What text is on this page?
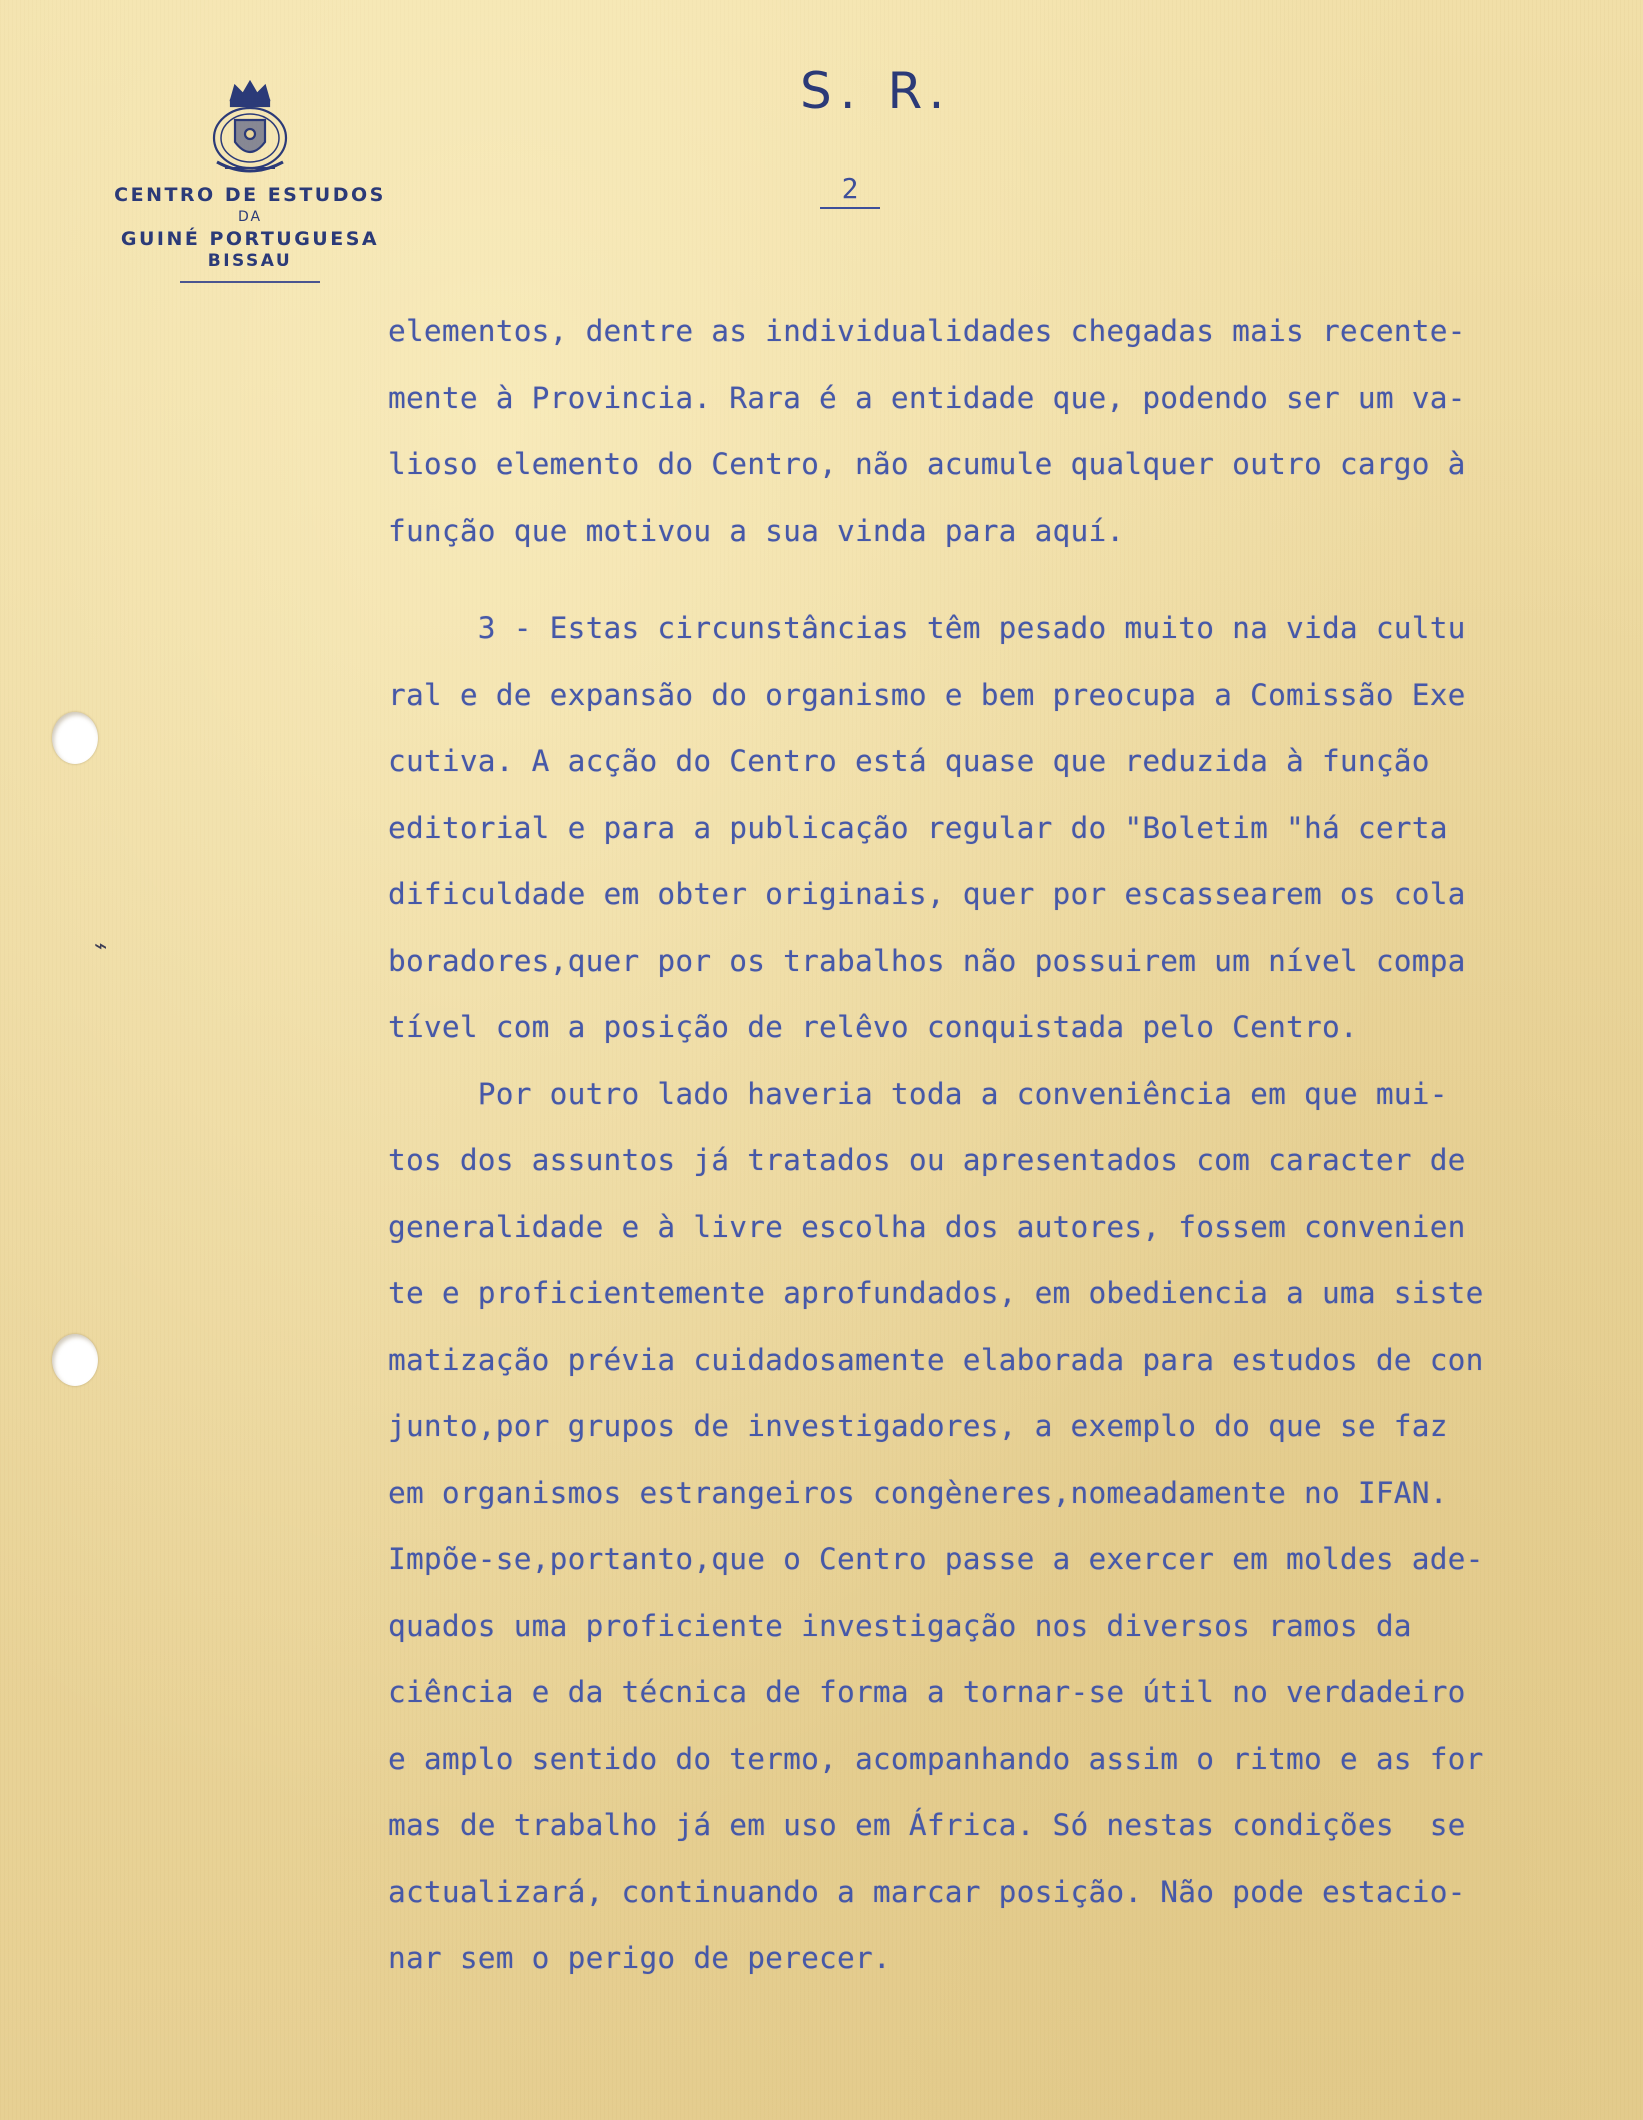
CENTRO DE ESTUDOS
DA
GUINÉ PORTUGUESA
BISSAU
S. R.
2
⌁
elementos, dentre as individualidades chegadas mais recente-
mente à Provincia. Rara é a entidade que, podendo ser um va-
lioso elemento do Centro, não acumule qualquer outro cargo à
função que motivou a sua vinda para aquí.
3 - Estas circunstâncias têm pesado muito na vida cultu
ral e de expansão do organismo e bem preocupa a Comissão Exe
cutiva. A acção do Centro está quase que reduzida à função
editorial e para a publicação regular do "Boletim "há certa
dificuldade em obter originais, quer por escassearem os cola
boradores,quer por os trabalhos não possuirem um nível compa
tível com a posição de relêvo conquistada pelo Centro.
Por outro lado haveria toda a conveniência em que mui-
tos dos assuntos já tratados ou apresentados com caracter de
generalidade e à livre escolha dos autores, fossem convenien
te e proficientemente aprofundados, em obediencia a uma siste
matização prévia cuidadosamente elaborada para estudos de con
junto,por grupos de investigadores, a exemplo do que se faz
em organismos estrangeiros congèneres,nomeadamente no IFAN.
Impõe-se,portanto,que o Centro passe a exercer em moldes ade-
quados uma proficiente investigação nos diversos ramos da
ciência e da técnica de forma a tornar-se útil no verdadeiro
e amplo sentido do termo, acompanhando assim o ritmo e as for
mas de trabalho já em uso em África. Só nestas condições  se
actualizará, continuando a marcar posição. Não pode estacio-
nar sem o perigo de perecer.
